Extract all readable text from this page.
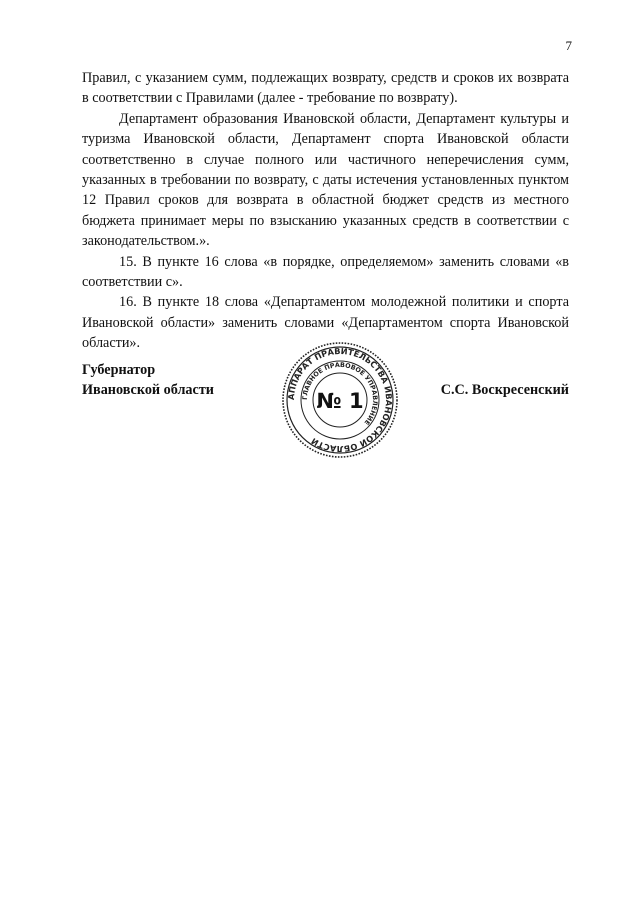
7

Правил, с указанием сумм, подлежащих возврату, средств и сроков их возврата в соответствии с Правилами (далее - требование по возврату).

Департамент образования Ивановской области, Департамент культуры и туризма Ивановской области, Департамент спорта Ивановской области соответственно в случае полного или частичного неперечисления сумм, указанных в требовании по возврату, с даты истечения установленных пунктом 12 Правил сроков для возврата в областной бюджет средств из местного бюджета принимает меры по взысканию указанных средств в соответствии с законодательством.».

15. В пункте 16 слова «в порядке, определяемом» заменить словами «в соответствии с».

16. В пункте 18 слова «Департаментом молодежной политики и спорта Ивановской области» заменить словами «Департаментом спорта Ивановской области».

Губернатор
Ивановской области	АППАРАТ ПРАВИТЕЛЬСТВА ИВАНОВСКОЙ ОБЛАСТИ
ГЛАВНОЕ ПРАВОВОЕ УПРАВЛЕНИЕ
№ 1	С.С. Воскресенский
